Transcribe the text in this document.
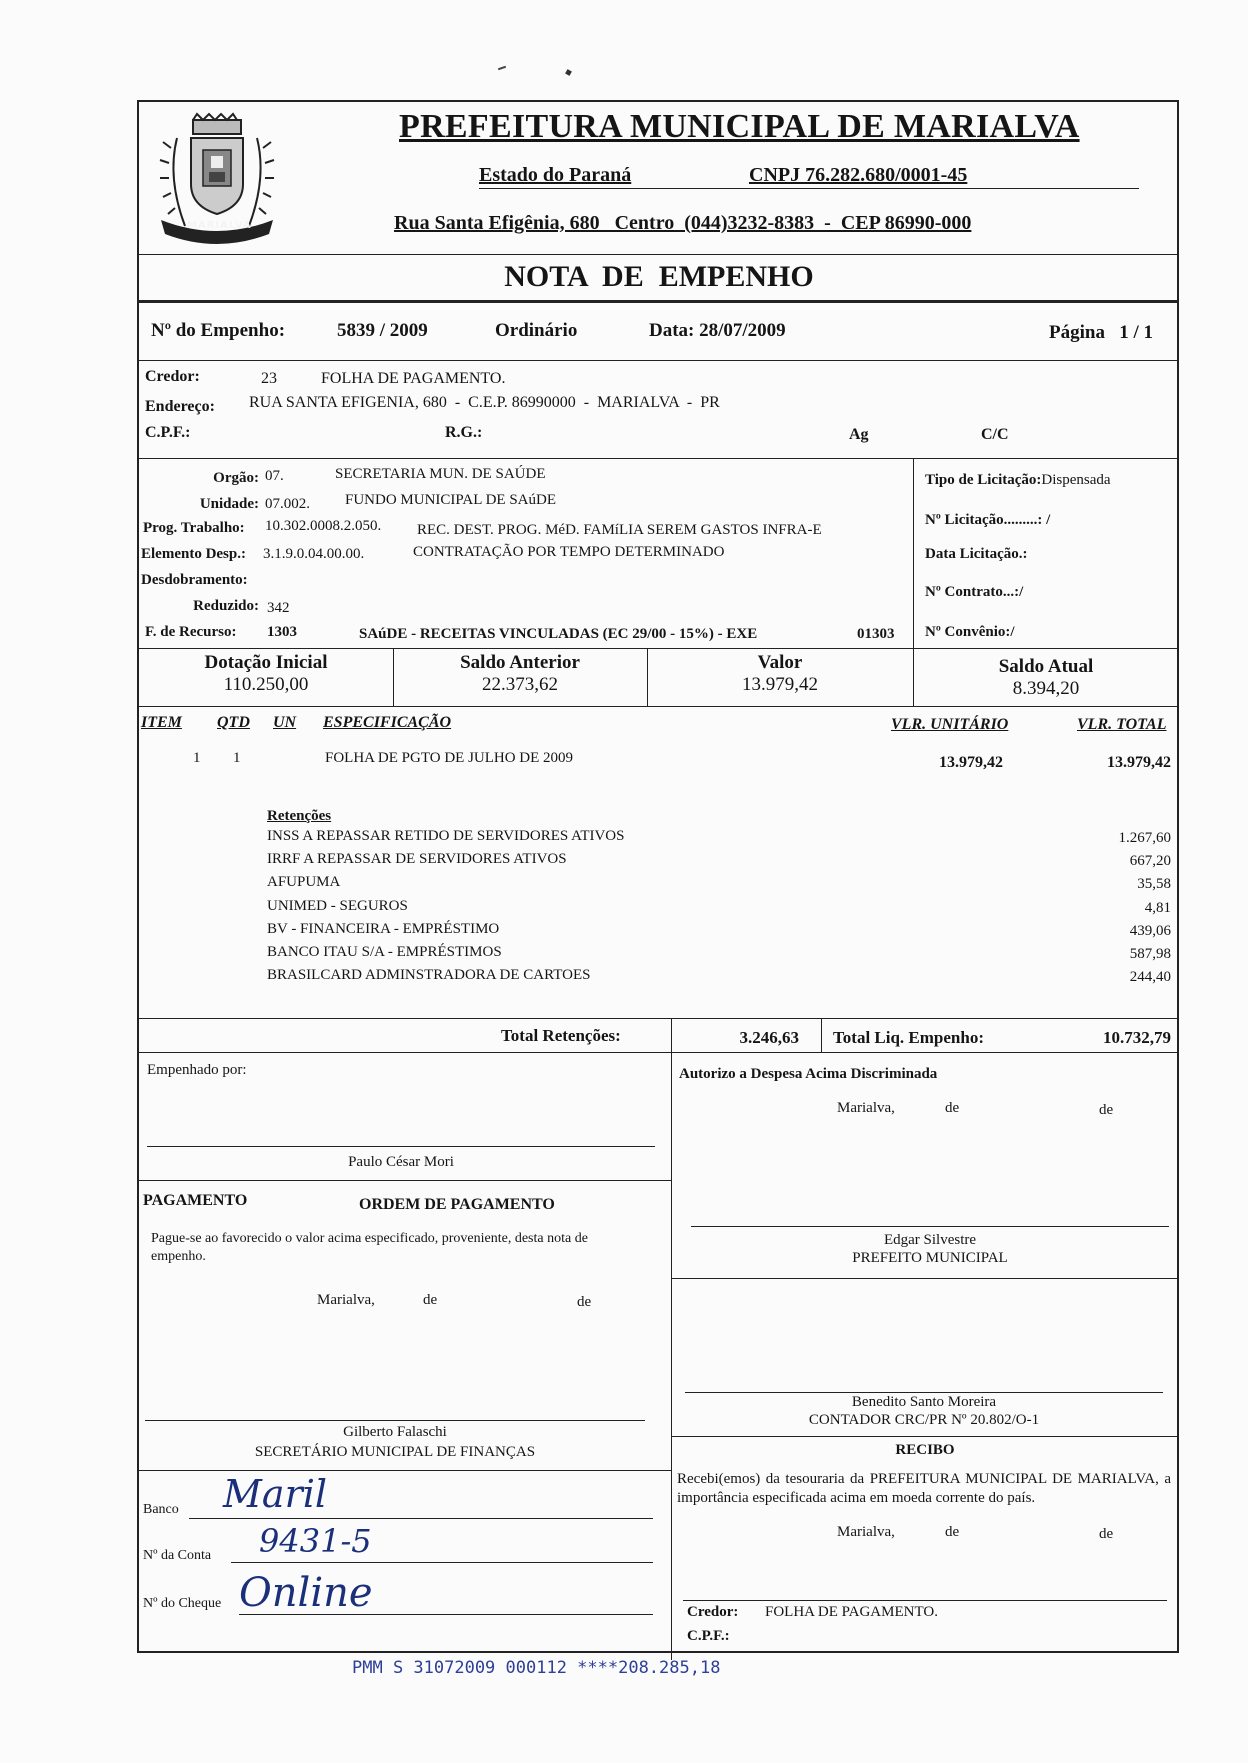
MARIALVA
PREFEITURA MUNICIPAL DE MARIALVA
Estado do Paraná	CNPJ 76.282.680/0001-45
Rua Santa Efigênia, 680   Centro  (044)3232-8383  -  CEP 86990-000
NOTA  DE  EMPENHO
Nº do Empenho:	5839 / 2009	Ordinário	Data: 28/07/2009	Página   1 / 1
Credor:	23	FOLHA DE PAGAMENTO.
Endereço: RUA SANTA EFIGENIA, 680  -  C.E.P. 86990000  -  MARIALVA  -  PR
C.P.F.:	R.G.:	Ag	C/C
Orgão: 07.	SECRETARIA MUN. DE SAÚDE
Unidade: 07.002. FUNDO MUNICIPAL DE SAúDE
Prog. Trabalho: 10.302.0008.2.050. REC. DEST. PROG. MéD. FAMíLIA SEREM GASTOS INFRA-E
Elemento Desp.: 3.1.9.0.04.00.00.	CONTRATAÇÃO POR TEMPO DETERMINADO
Desdobramento:
Reduzido: 342
F. de Recurso: 1303	SAúDE - RECEITAS VINCULADAS (EC 29/00 - 15%) - EXE	01303
Tipo de Licitação:Dispensada
Nº Licitação.........: /
Data Licitação.:
Nº Contrato...:/
Nº Convênio:/
Dotação Inicial
110.250,00
Saldo Anterior
22.373,62
Valor
13.979,42
Saldo Atual
8.394,20
ITEM QTD UN ESPECIFICAÇÃO	VLR. UNITÁRIO	VLR. TOTAL
1 1	FOLHA DE PGTO DE JULHO DE 2009	13.979,42	13.979,42
Retenções
Total Retenções:	3.246,63 Total Liq. Empenho:	10.732,79
Empenhado por:
Paulo César Mori
PAGAMENTO	ORDEM DE PAGAMENTO
Pague-se ao favorecido o valor acima especificado, proveniente, desta nota de empenho.
Marialva,	de	de
Gilberto Falaschi
SECRETÁRIO MUNICIPAL DE FINANÇAS
Banco Maril
Nº da Conta 9431-5
Nº do Cheque Online
Autorizo a Despesa Acima Discriminada
Marialva,	de	de
Edgar Silvestre
PREFEITO MUNICIPAL
Benedito Santo Moreira
CONTADOR CRC/PR Nº 20.802/O-1
RECIBO
Recebi(emos) da tesouraria da PREFEITURA MUNICIPAL DE MARIALVA, a importância especificada acima em moeda corrente do país.
Marialva,	de	de
Credor: FOLHA DE PAGAMENTO.
C.P.F.:
INSS A REPASSAR RETIDO DE SERVIDORES ATIVOS	1.267,60
IRRF A REPASSAR DE SERVIDORES ATIVOS	667,20
AFUPUMA	35,58
UNIMED - SEGUROS	4,81
BV - FINANCEIRA - EMPRÉSTIMO	439,06
BANCO ITAU S/A - EMPRÉSTIMOS	587,98
BRASILCARD ADMINSTRADORA DE CARTOES	244,40
PMM S 31072009 000112 ****208.285,18
